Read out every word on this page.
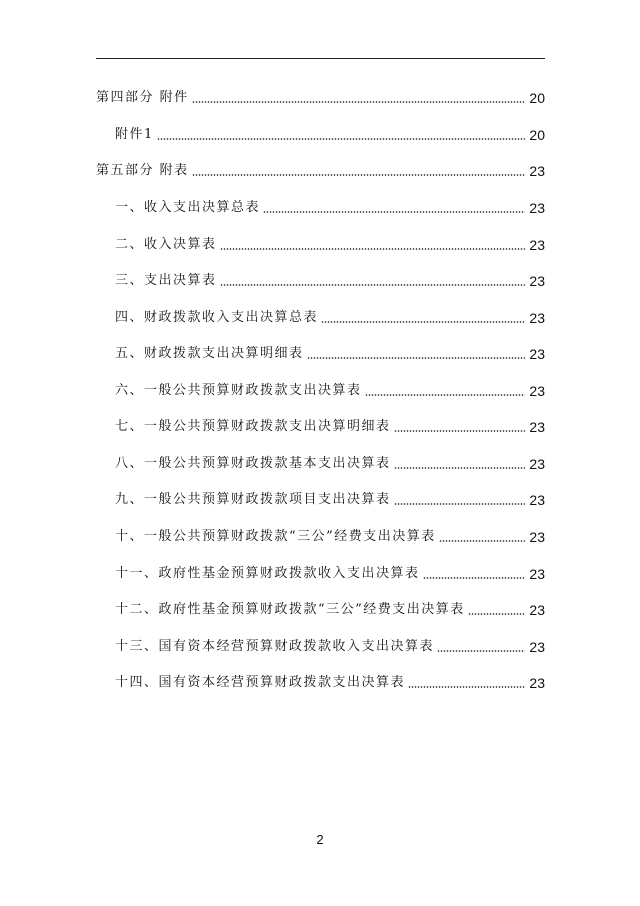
第四部分 附件	20
附件1	20
第五部分 附表	23
一、收入支出决算总表	23
二、收入决算表	23
三、支出决算表	23
四、财政拨款收入支出决算总表	23
五、财政拨款支出决算明细表	23
六、一般公共预算财政拨款支出决算表	23
七、一般公共预算财政拨款支出决算明细表	23
八、一般公共预算财政拨款基本支出决算表	23
九、一般公共预算财政拨款项目支出决算表	23
十、一般公共预算财政拨款“三公”经费支出决算表	23
十一、政府性基金预算财政拨款收入支出决算表	23
十二、政府性基金预算财政拨款“三公”经费支出决算表	23
十三、国有资本经营预算财政拨款收入支出决算表	23
十四、国有资本经营预算财政拨款支出决算表	23
2
